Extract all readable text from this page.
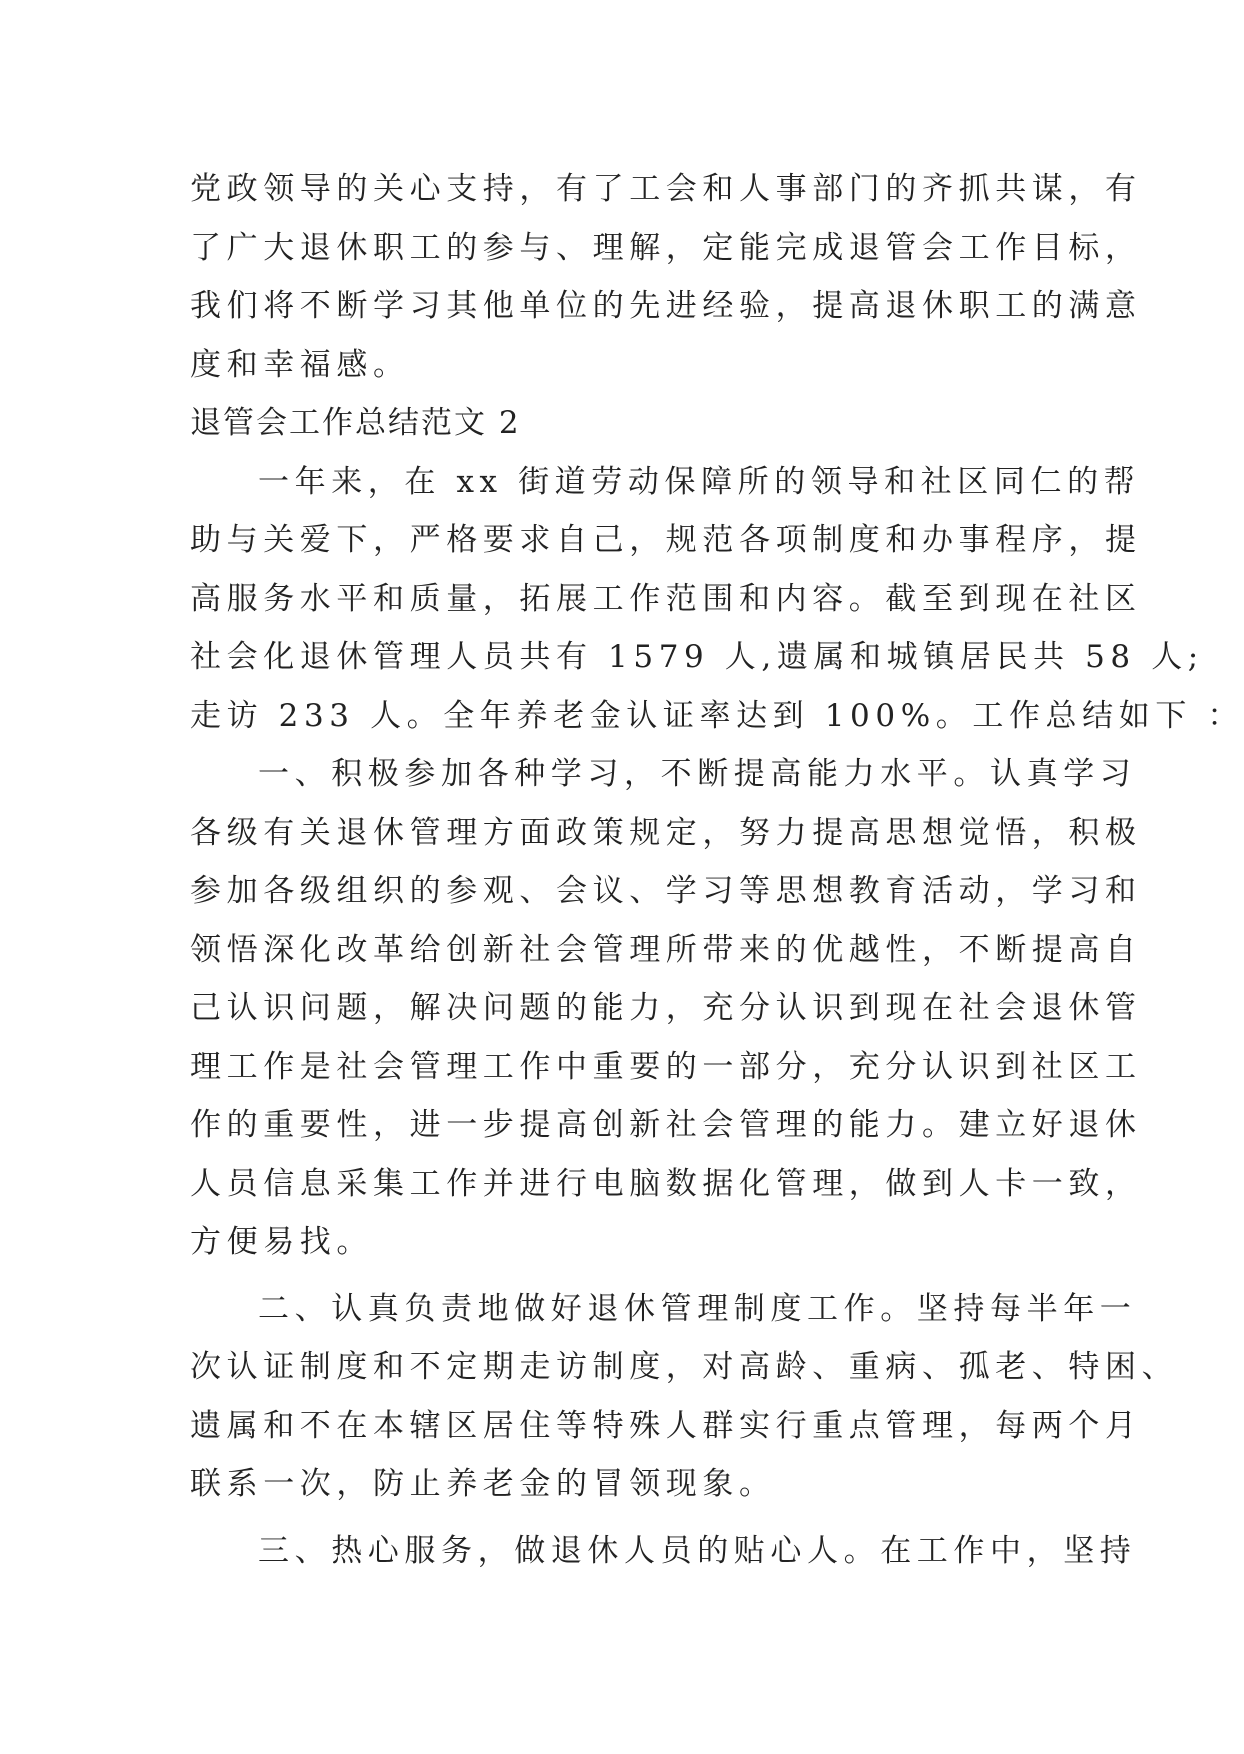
党政领导的关心支持，有了工会和人事部门的齐抓共谋，有
了广大退休职工的参与、理解，定能完成退管会工作目标，
我们将不断学习其他单位的先进经验，提高退休职工的满意
度和幸福感。
退管会工作总结范文 2
一年来，在 xx 街道劳动保障所的领导和社区同仁的帮
助与关爱下，严格要求自己，规范各项制度和办事程序，提
高服务水平和质量，拓展工作范围和内容。截至到现在社区
社会化退休管理人员共有 1579 人,遗属和城镇居民共 58 人;
走访 233 人。全年养老金认证率达到 100%。工作总结如下 ：
一、积极参加各种学习，不断提高能力水平。认真学习
各级有关退休管理方面政策规定，努力提高思想觉悟，积极
参加各级组织的参观、会议、学习等思想教育活动，学习和
领悟深化改革给创新社会管理所带来的优越性，不断提高自
己认识问题，解决问题的能力，充分认识到现在社会退休管
理工作是社会管理工作中重要的一部分，充分认识到社区工
作的重要性，进一步提高创新社会管理的能力。建立好退休
人员信息采集工作并进行电脑数据化管理，做到人卡一致，
方便易找。
二、认真负责地做好退休管理制度工作。坚持每半年一
次认证制度和不定期走访制度，对高龄、重病、孤老、特困、
遗属和不在本辖区居住等特殊人群实行重点管理，每两个月
联系一次，防止养老金的冒领现象。
三、热心服务，做退休人员的贴心人。在工作中，坚持
